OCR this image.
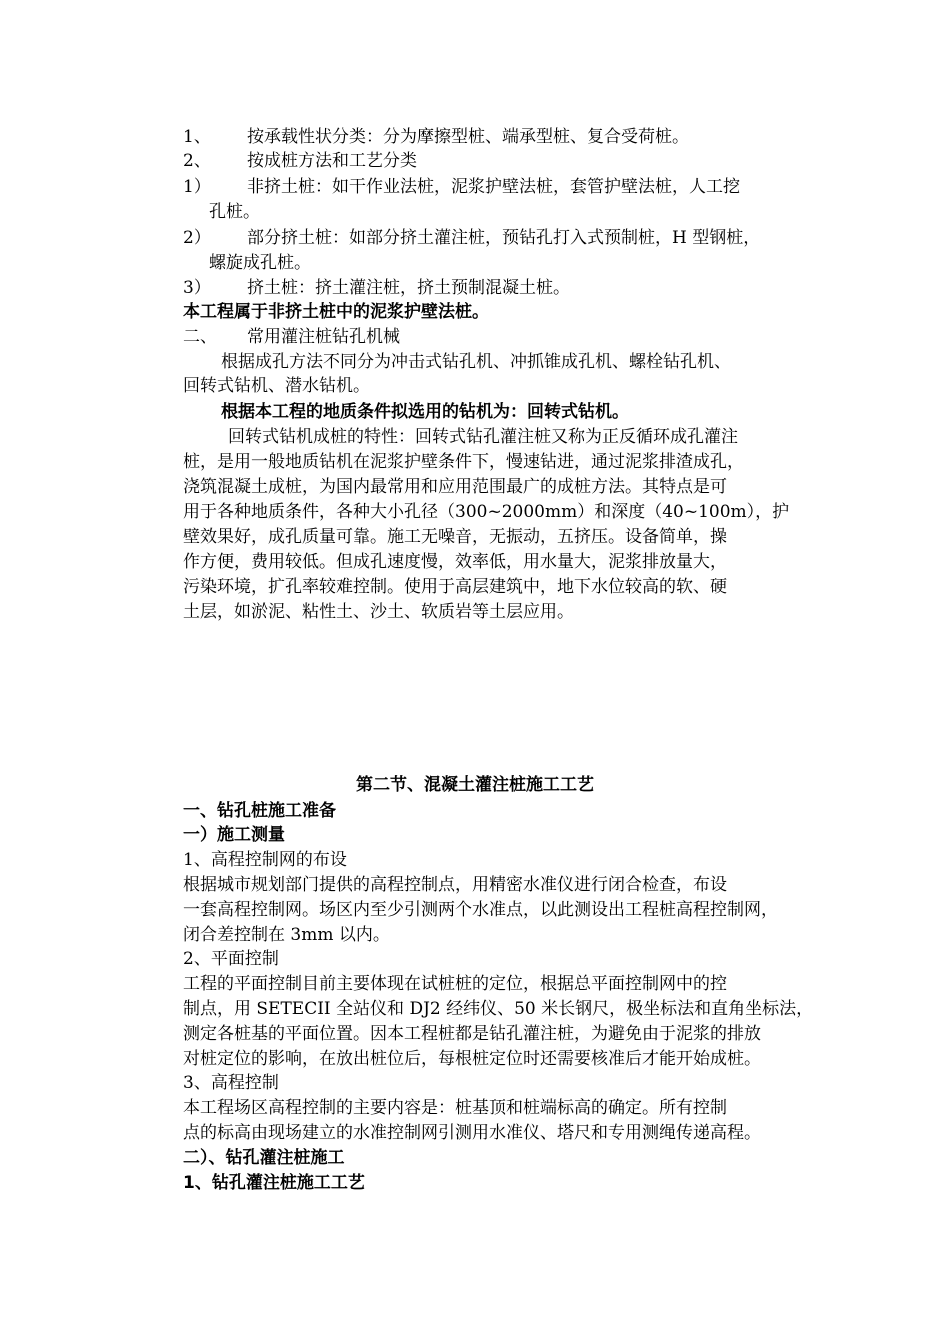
1、 按承载性状分类：分为摩擦型桩、端承型桩、复合受荷桩。
2、 按成桩方法和工艺分类
1） 非挤土桩：如干作业法桩，泥浆护壁法桩，套管护壁法桩，人工挖
孔桩。
2） 部分挤土桩：如部分挤土灌注桩，预钻孔打入式预制桩，H 型钢桩，
螺旋成孔桩。
3） 挤土桩：挤土灌注桩，挤土预制混凝土桩。
本工程属于非挤土桩中的泥浆护壁法桩。
二、 常用灌注桩钻孔机械
根据成孔方法不同分为冲击式钻孔机、冲抓锥成孔机、螺栓钻孔机、
回转式钻机、潜水钻机。
根据本工程的地质条件拟选用的钻机为：回转式钻机。
回转式钻机成桩的特性：回转式钻孔灌注桩又称为正反循环成孔灌注
桩，是用一般地质钻机在泥浆护壁条件下，慢速钻进，通过泥浆排渣成孔，
浇筑混凝土成桩，为国内最常用和应用范围最广的成桩方法。其特点是可
用于各种地质条件，各种大小孔径（300~2000mm）和深度（40~100m），护
壁效果好，成孔质量可靠。施工无噪音，无振动，五挤压。设备简单，操
作方便，费用较低。但成孔速度慢，效率低，用水量大，泥浆排放量大，
污染环境，扩孔率较难控制。使用于高层建筑中，地下水位较高的软、硬
土层，如淤泥、粘性土、沙土、软质岩等土层应用。
第二节、混凝土灌注桩施工工艺
一、钻孔桩施工准备
一）施工测量
1、高程控制网的布设
根据城市规划部门提供的高程控制点，用精密水准仪进行闭合检查，布设
一套高程控制网。场区内至少引测两个水准点，以此测设出工程桩高程控制网，
闭合差控制在 3mm 以内。
2、平面控制
工程的平面控制目前主要体现在试桩桩的定位，根据总平面控制网中的控
制点，用 SETECII 全站仪和 DJ2 经纬仪、50 米长钢尺，极坐标法和直角坐标法，
测定各桩基的平面位置。因本工程桩都是钻孔灌注桩，为避免由于泥浆的排放
对桩定位的影响，在放出桩位后，每根桩定位时还需要核准后才能开始成桩。
3、高程控制
本工程场区高程控制的主要内容是：桩基顶和桩端标高的确定。所有控制
点的标高由现场建立的水准控制网引测用水准仪、塔尺和专用测绳传递高程。
二）、钻孔灌注桩施工
1、钻孔灌注桩施工工艺
